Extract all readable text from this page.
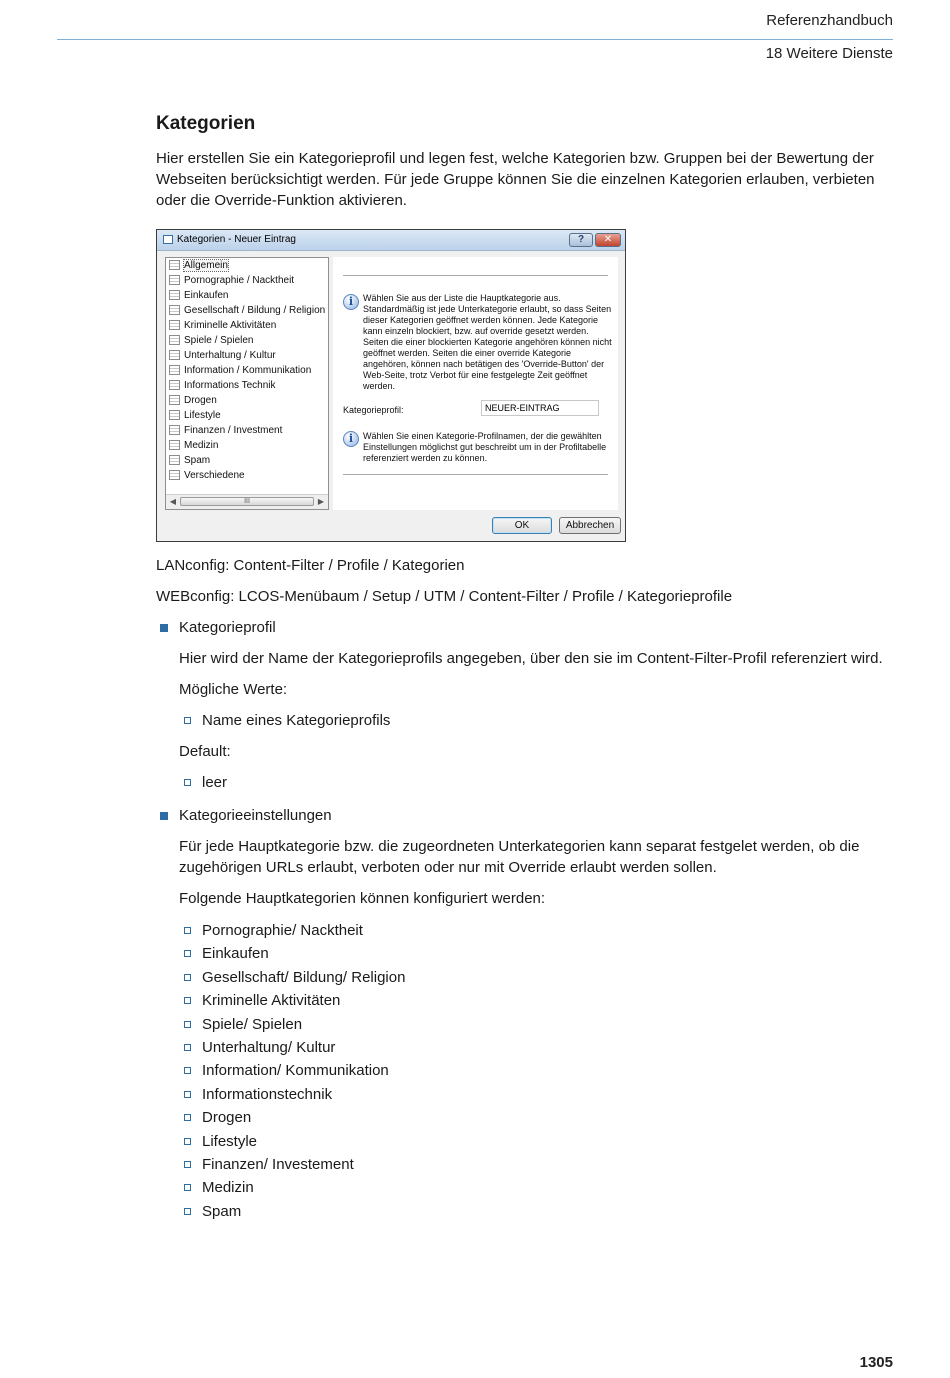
Referenzhandbuch
18 Weitere Dienste
Kategorien

Hier erstellen Sie ein Kategorieprofil und legen fest, welche Kategorien bzw. Gruppen bei der Bewertung der Webseiten berücksichtigt werden. Für jede Gruppe können Sie die einzelnen Kategorien erlauben, verbieten oder die Override-Funktion aktivieren.

Kategorien - Neuer Eintrag	?	✕
Allgemein
Pornographie / Nacktheit
Einkaufen
Gesellschaft / Bildung / Religion
Kriminelle Aktivitäten
Spiele / Spielen
Unterhaltung / Kultur
Information / Kommunikation
Informations Technik
Drogen
Lifestyle
Finanzen / Investment
Medizin
Spam
Verschiedene
◀	III	▶
i	Wählen Sie aus der Liste die Hauptkategorie aus. Standardmäßig ist jede Unterkategorie erlaubt, so dass Seiten dieser Kategorien geöffnet werden können. Jede Kategorie kann einzeln blockiert, bzw. auf override gesetzt werden. Seiten die einer blockierten Kategorie angehören können nicht geöffnet werden. Seiten die einer override Kategorie angehören, können nach betätigen des 'Override-Button' der Web-Seite, trotz Verbot für eine festgelegte Zeit geöffnet werden.
Kategorieprofil:
NEUER-EINTRAG
i	Wählen Sie einen Kategorie-Profilnamen, der die gewählten Einstellungen möglichst gut beschreibt um in der Profiltabelle referenziert werden zu können.
OK	Abbrechen

LANconfig: Content-Filter / Profile / Kategorien

WEBconfig: LCOS-Menübaum / Setup / UTM / Content-Filter / Profile / Kategorieprofile

Kategorieprofil

Hier wird der Name der Kategorieprofils angegeben, über den sie im Content-Filter-Profil referenziert wird.

Mögliche Werte:

Name eines Kategorieprofils

Default:

leer
Kategorieeinstellungen

Für jede Hauptkategorie bzw. die zugeordneten Unterkategorien kann separat festgelet werden, ob die zugehörigen URLs erlaubt, verboten oder nur mit Override erlaubt werden sollen.

Folgende Hauptkategorien können konfiguriert werden:

Pornographie/ Nacktheit
Einkaufen
Gesellschaft/ Bildung/ Religion
Kriminelle Aktivitäten
Spiele/ Spielen
Unterhaltung/ Kultur
Information/ Kommunikation
Informationstechnik
Drogen
Lifestyle
Finanzen/ Investement
Medizin
Spam
1305
